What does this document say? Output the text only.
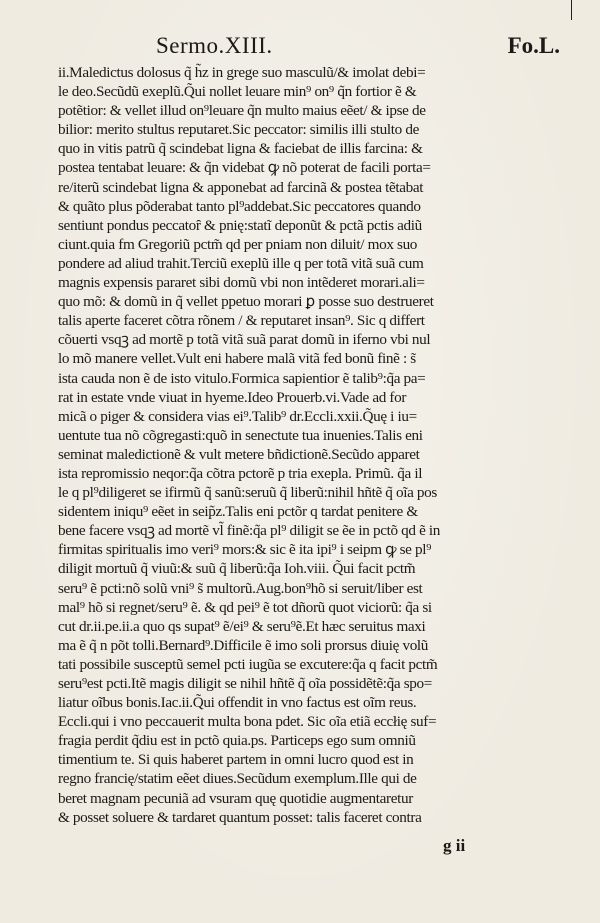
Sermo.XIII.	Fo.L.
ii.Maledictus dolosus q̃ h̃z in grege suo masculũ/& imolat debi=
le deo.Secũdũ exeplũ.Q̃ui nollet leuare min⁹ on⁹ q̃n fortior ẽ &
potẽtior: & vellet illud on⁹leuare q̃n multo maius eẽet/ & ipse de
bilior: merito stultus reputaret.Sic peccator: similis illi stulto de
quo in vitis patrũ q̃ scindebat ligna & faciebat de illis farcina: &
postea tentabat leuare: & q̃n videbat ꝙ nõ poterat de facili porta=
re/iterũ scindebat ligna & apponebat ad farcinã & postea tẽtabat
& quãto plus põderabat tanto pl⁹addebat.Sic peccatores quando
sentiunt pondus peccatoȓ & pnię:statĩ deponũt & pctã pctis adiũ
ciunt.quia fm Gregoriũ pctm̃ qd per pniam non diluit/ mox suo
pondere ad aliud trahit.Terciũ exeplũ ille q per totã vitã suã cum
magnis expensis pararet sibi domũ vbi non intẽderet morari.ali=
quo mõ: & domũ in q̃ vellet ppetuo morari ꝑ posse suo destrueret
talis aperte faceret cõtra rõnem / & reputaret insan⁹. Sic q differt
cõuerti vsqꝫ ad mortẽ p totã vitã suã parat domũ in iferno vbi nul
lo mõ manere vellet.Vult eni habere malã vitã fed bonũ finẽ : s̃
ista cauda non ẽ de isto vitulo.Formica sapientior ẽ talib⁹:q̃a pa=
rat in estate vnde viuat in hyeme.Ideo Prouerb.vi.Vade ad for
micã o piger & considera vias ei⁹.Talib⁹ dr.Eccli.xxii.Q̃uę i iu=
uentute tua nõ cõgregasti:quõ in senectute tua inuenies.Talis eni
seminat maledictionẽ & vult metere bñdictionẽ.Secũdo apparet
ista repromissio neqor:q̃a cõtra pctorẽ p tria exepla. Primũ. q̃a il
le q pl⁹diligeret se ifirmũ q̃ sanũ:seruũ q̃ liberũ:nihil hñtẽ q̃ oĩa pos
sidentem iniqu⁹ eẽet in seip̃z.Talis eni pctõr q tardat penitere &
bene facere vsqꝫ ad mortẽ vl̃ finẽ:q̃a pl⁹ diligit se ẽe in pctõ qd ẽ in
firmitas spiritualis imo veri⁹ mors:& sic ẽ ita ipi⁹ i seipm ꝙ se pl⁹
diligit mortuũ q̃ viuũ:& suũ q̃ liberũ:q̃a Ioh.viii. Q̃ui facit pctm̃
seru⁹ ẽ pcti:nõ solũ vni⁹ s̃ multorũ.Aug.bon⁹hõ si seruit/liber est
mal⁹ hõ si regnet/seru⁹ ẽ. & qd pei⁹ ẽ tot dñorũ quot viciorũ: q̃a si
cut dr.ii.pe.ii.a quo qs supat⁹ ẽ/ei⁹ & seru⁹ẽ.Et hæc seruitus maxi
ma ẽ q̃ n põt tolli.Bernard⁹.Difficile ẽ imo soli prorsus diuię volũ
tati possibile susceptũ semel pcti iugũa se excutere:q̃a q facit pctm̃
seru⁹est pcti.Itẽ magis diligit se nihil hñtẽ q̃ oĩa possidẽtẽ:q̃a spo=
liatur oĩbus bonis.Iac.ii.Q̃ui offendit in vno factus est oĩm reus.
Eccli.qui i vno peccauerit multa bona pdet. Sic oĩa etiã eccłię suf=
fragia perdit q̃diu est in pctõ quia.ps. Particeps ego sum omniũ
timentium te. Si quis haberet partem in omni lucro quod est in
regno francię/statim eẽet diues.Secũdum exemplum.Ille qui de
beret magnam pecuniã ad vsuram quę quotidie augmentaretur
& posset soluere & tardaret quantum posset: talis faceret contra
g ii
